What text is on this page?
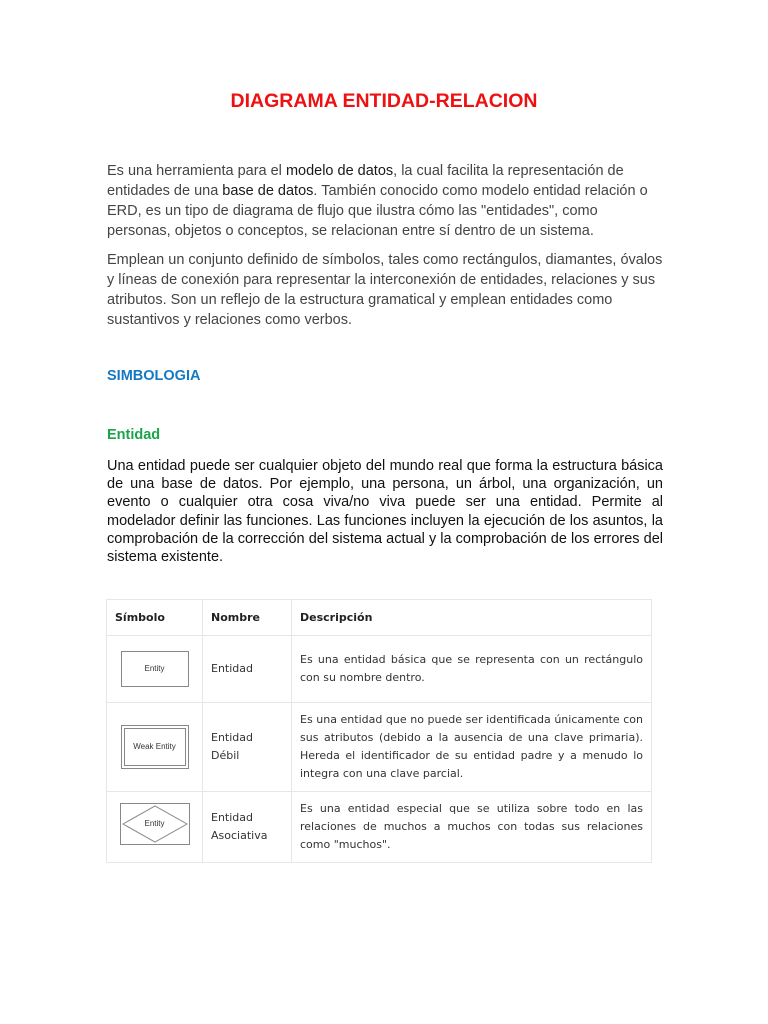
DIAGRAMA ENTIDAD-RELACION

Es una herramienta para el modelo de datos, la cual facilita la representación de entidades de una base de datos. También conocido como modelo entidad relación o ERD, es un tipo de diagrama de flujo que ilustra cómo las "entidades", como personas, objetos o conceptos, se relacionan entre sí dentro de un sistema.

Emplean un conjunto definido de símbolos, tales como rectángulos, diamantes, óvalos y líneas de conexión para representar la interconexión de entidades, relaciones y sus atributos. Son un reflejo de la estructura gramatical y emplean entidades como sustantivos y relaciones como verbos.

SIMBOLOGIA
Entidad

Una entidad puede ser cualquier objeto del mundo real que forma la estructura básica de una base de datos. Por ejemplo, una persona, un árbol, una organización, un evento o cualquier otra cosa viva/no viva puede ser una entidad. Permite al modelador definir las funciones. Las funciones incluyen la ejecución de los asuntos, la comprobación de la corrección del sistema actual y la comprobación de los errores del sistema existente.

Símbolo	Nombre	Descripción
Entity	Entidad	Es una entidad básica que se representa con un rectángulo con su nombre dentro.

Weak Entity	Entidad Débil	Es una entidad que no puede ser identificada únicamente con sus atributos (debido a la ausencia de una clave primaria). Hereda el identificador de su entidad padre y a menudo lo integra con una clave parcial.

Entity	Entidad Asociativa	Es una entidad especial que se utiliza sobre todo en las relaciones de muchos a muchos con todas sus relaciones como "muchos".
